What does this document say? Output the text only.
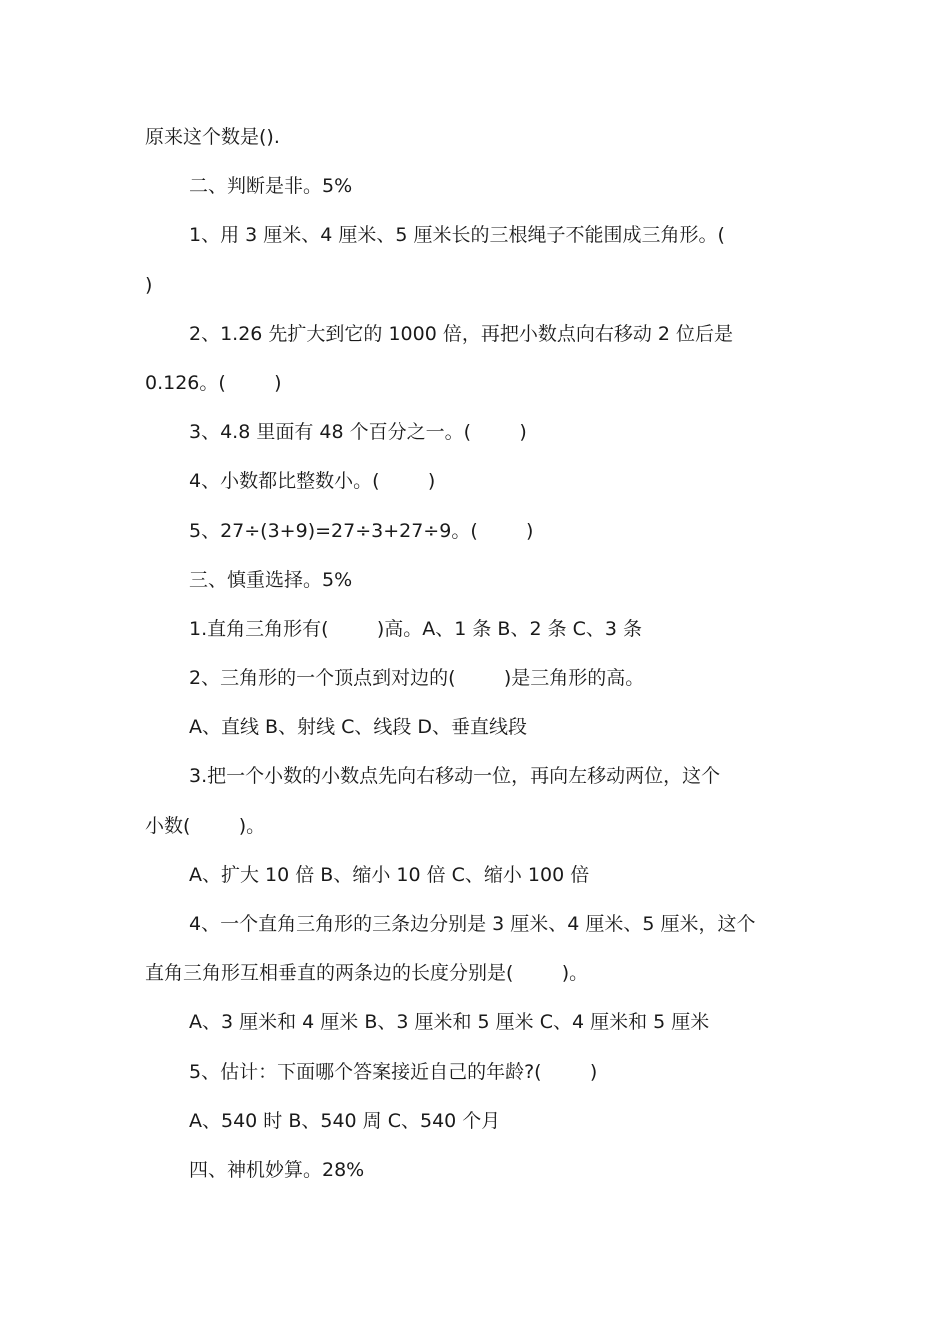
原来这个数是().

二、判断是非。5%

1、用 3 厘米、4 厘米、5 厘米长的三根绳子不能围成三角形。(

)

2、1.26 先扩大到它的 1000 倍，再把小数点向右移动 2 位后是

0.126。(        )

3、4.8 里面有 48 个百分之一。(        )

4、小数都比整数小。(        )

5、27÷(3+9)=27÷3+27÷9。(        )

三、慎重选择。5%

1.直角三角形有(        )高。A、1 条 B、2 条 C、3 条

2、三角形的一个顶点到对边的(        )是三角形的高。

A、直线 B、射线 C、线段 D、垂直线段

3.把一个小数的小数点先向右移动一位，再向左移动两位，这个

小数(        )。

A、扩大 10 倍 B、缩小 10 倍 C、缩小 100 倍

4、一个直角三角形的三条边分别是 3 厘米、4 厘米、5 厘米，这个

直角三角形互相垂直的两条边的长度分别是(        )。

A、3 厘米和 4 厘米 B、3 厘米和 5 厘米 C、4 厘米和 5 厘米

5、估计：下面哪个答案接近自己的年龄?(        )

A、540 时 B、540 周 C、540 个月

四、神机妙算。28%
